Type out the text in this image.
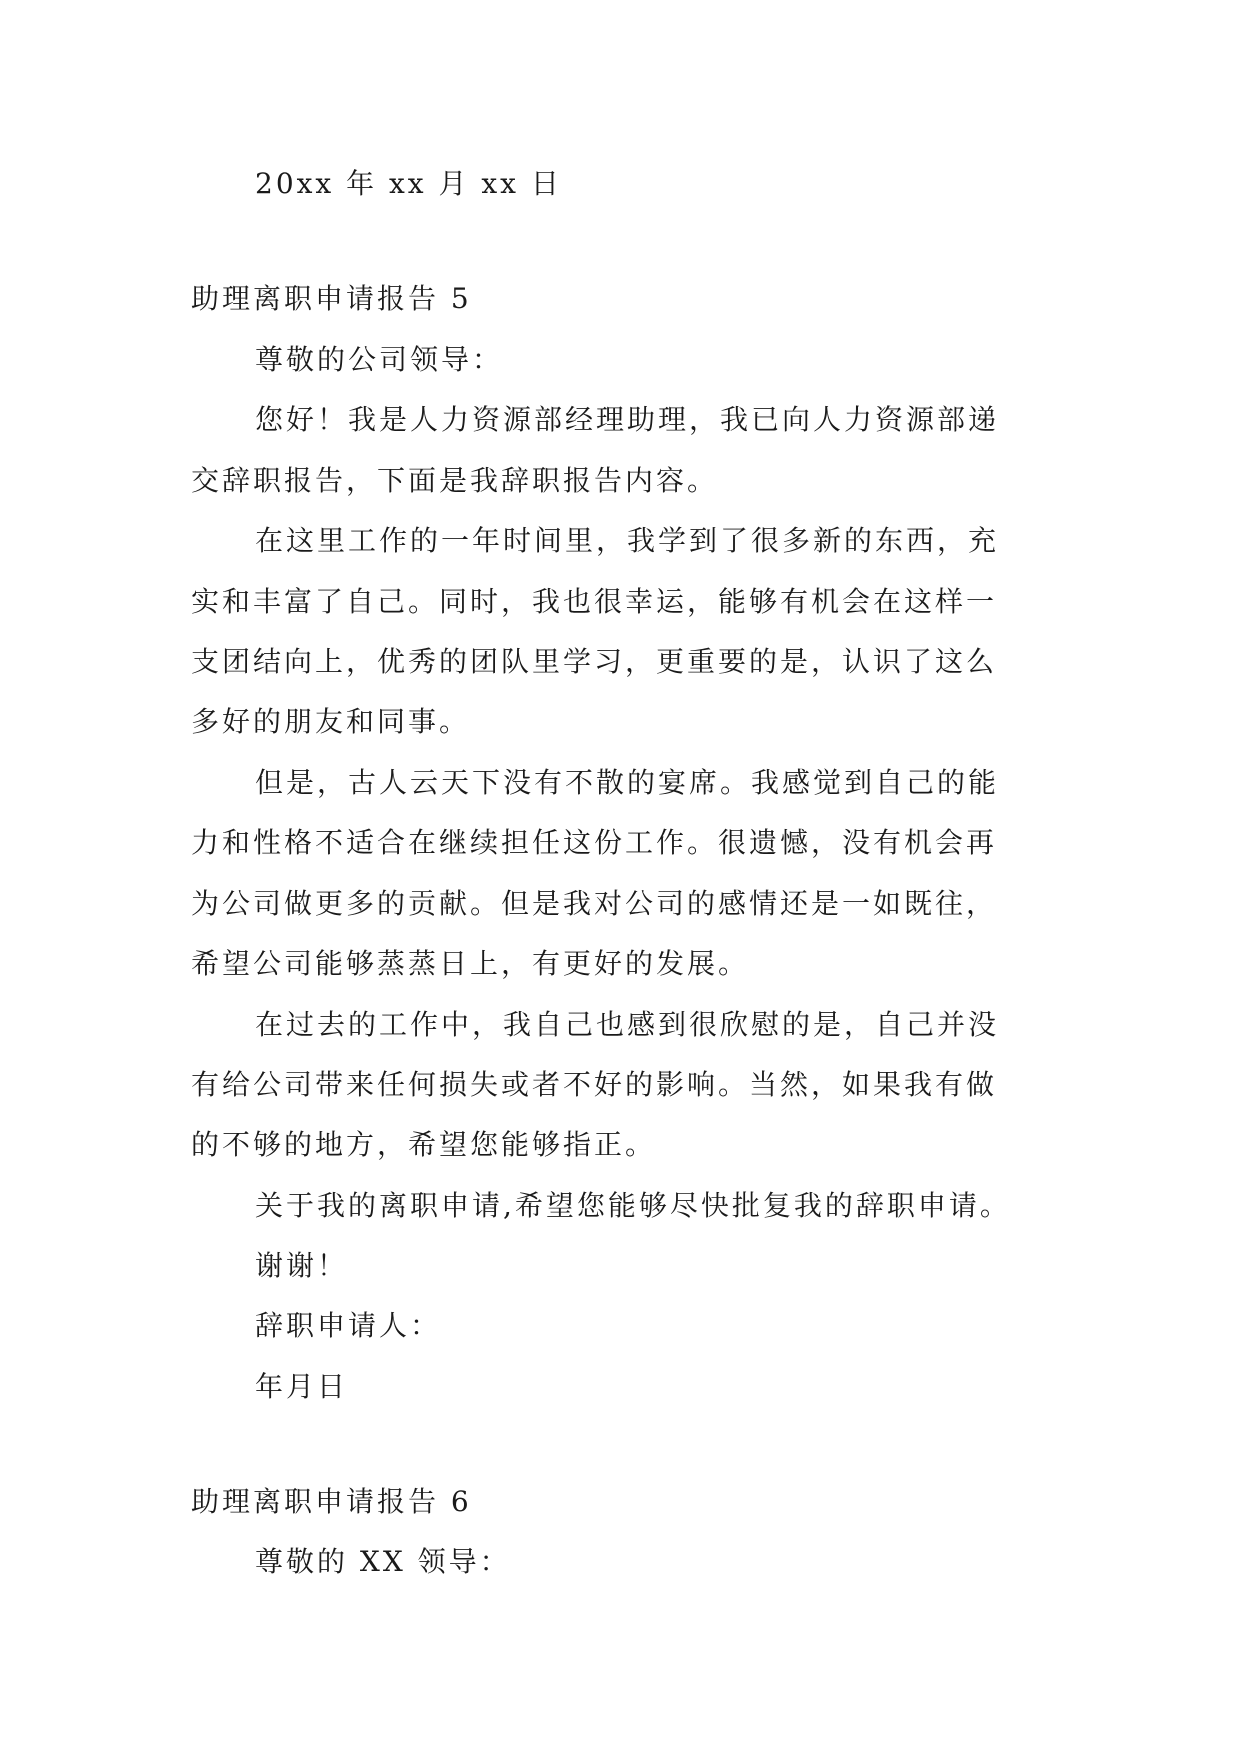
20xx 年 xx 月 xx 日
助理离职申请报告 5
尊敬的公司领导：
您好！我是人力资源部经理助理，我已向人力资源部递
交辞职报告，下面是我辞职报告内容。
在这里工作的一年时间里，我学到了很多新的东西，充
实和丰富了自己。同时，我也很幸运，能够有机会在这样一
支团结向上，优秀的团队里学习，更重要的是，认识了这么
多好的朋友和同事。
但是，古人云天下没有不散的宴席。我感觉到自己的能
力和性格不适合在继续担任这份工作。很遗憾，没有机会再
为公司做更多的贡献。但是我对公司的感情还是一如既往，
希望公司能够蒸蒸日上，有更好的发展。
在过去的工作中，我自己也感到很欣慰的是，自己并没
有给公司带来任何损失或者不好的影响。当然，如果我有做
的不够的地方，希望您能够指正。
关于我的离职申请,希望您能够尽快批复我的辞职申请。
谢谢！
辞职申请人：
年月日
助理离职申请报告 6
尊敬的 XX 领导：
